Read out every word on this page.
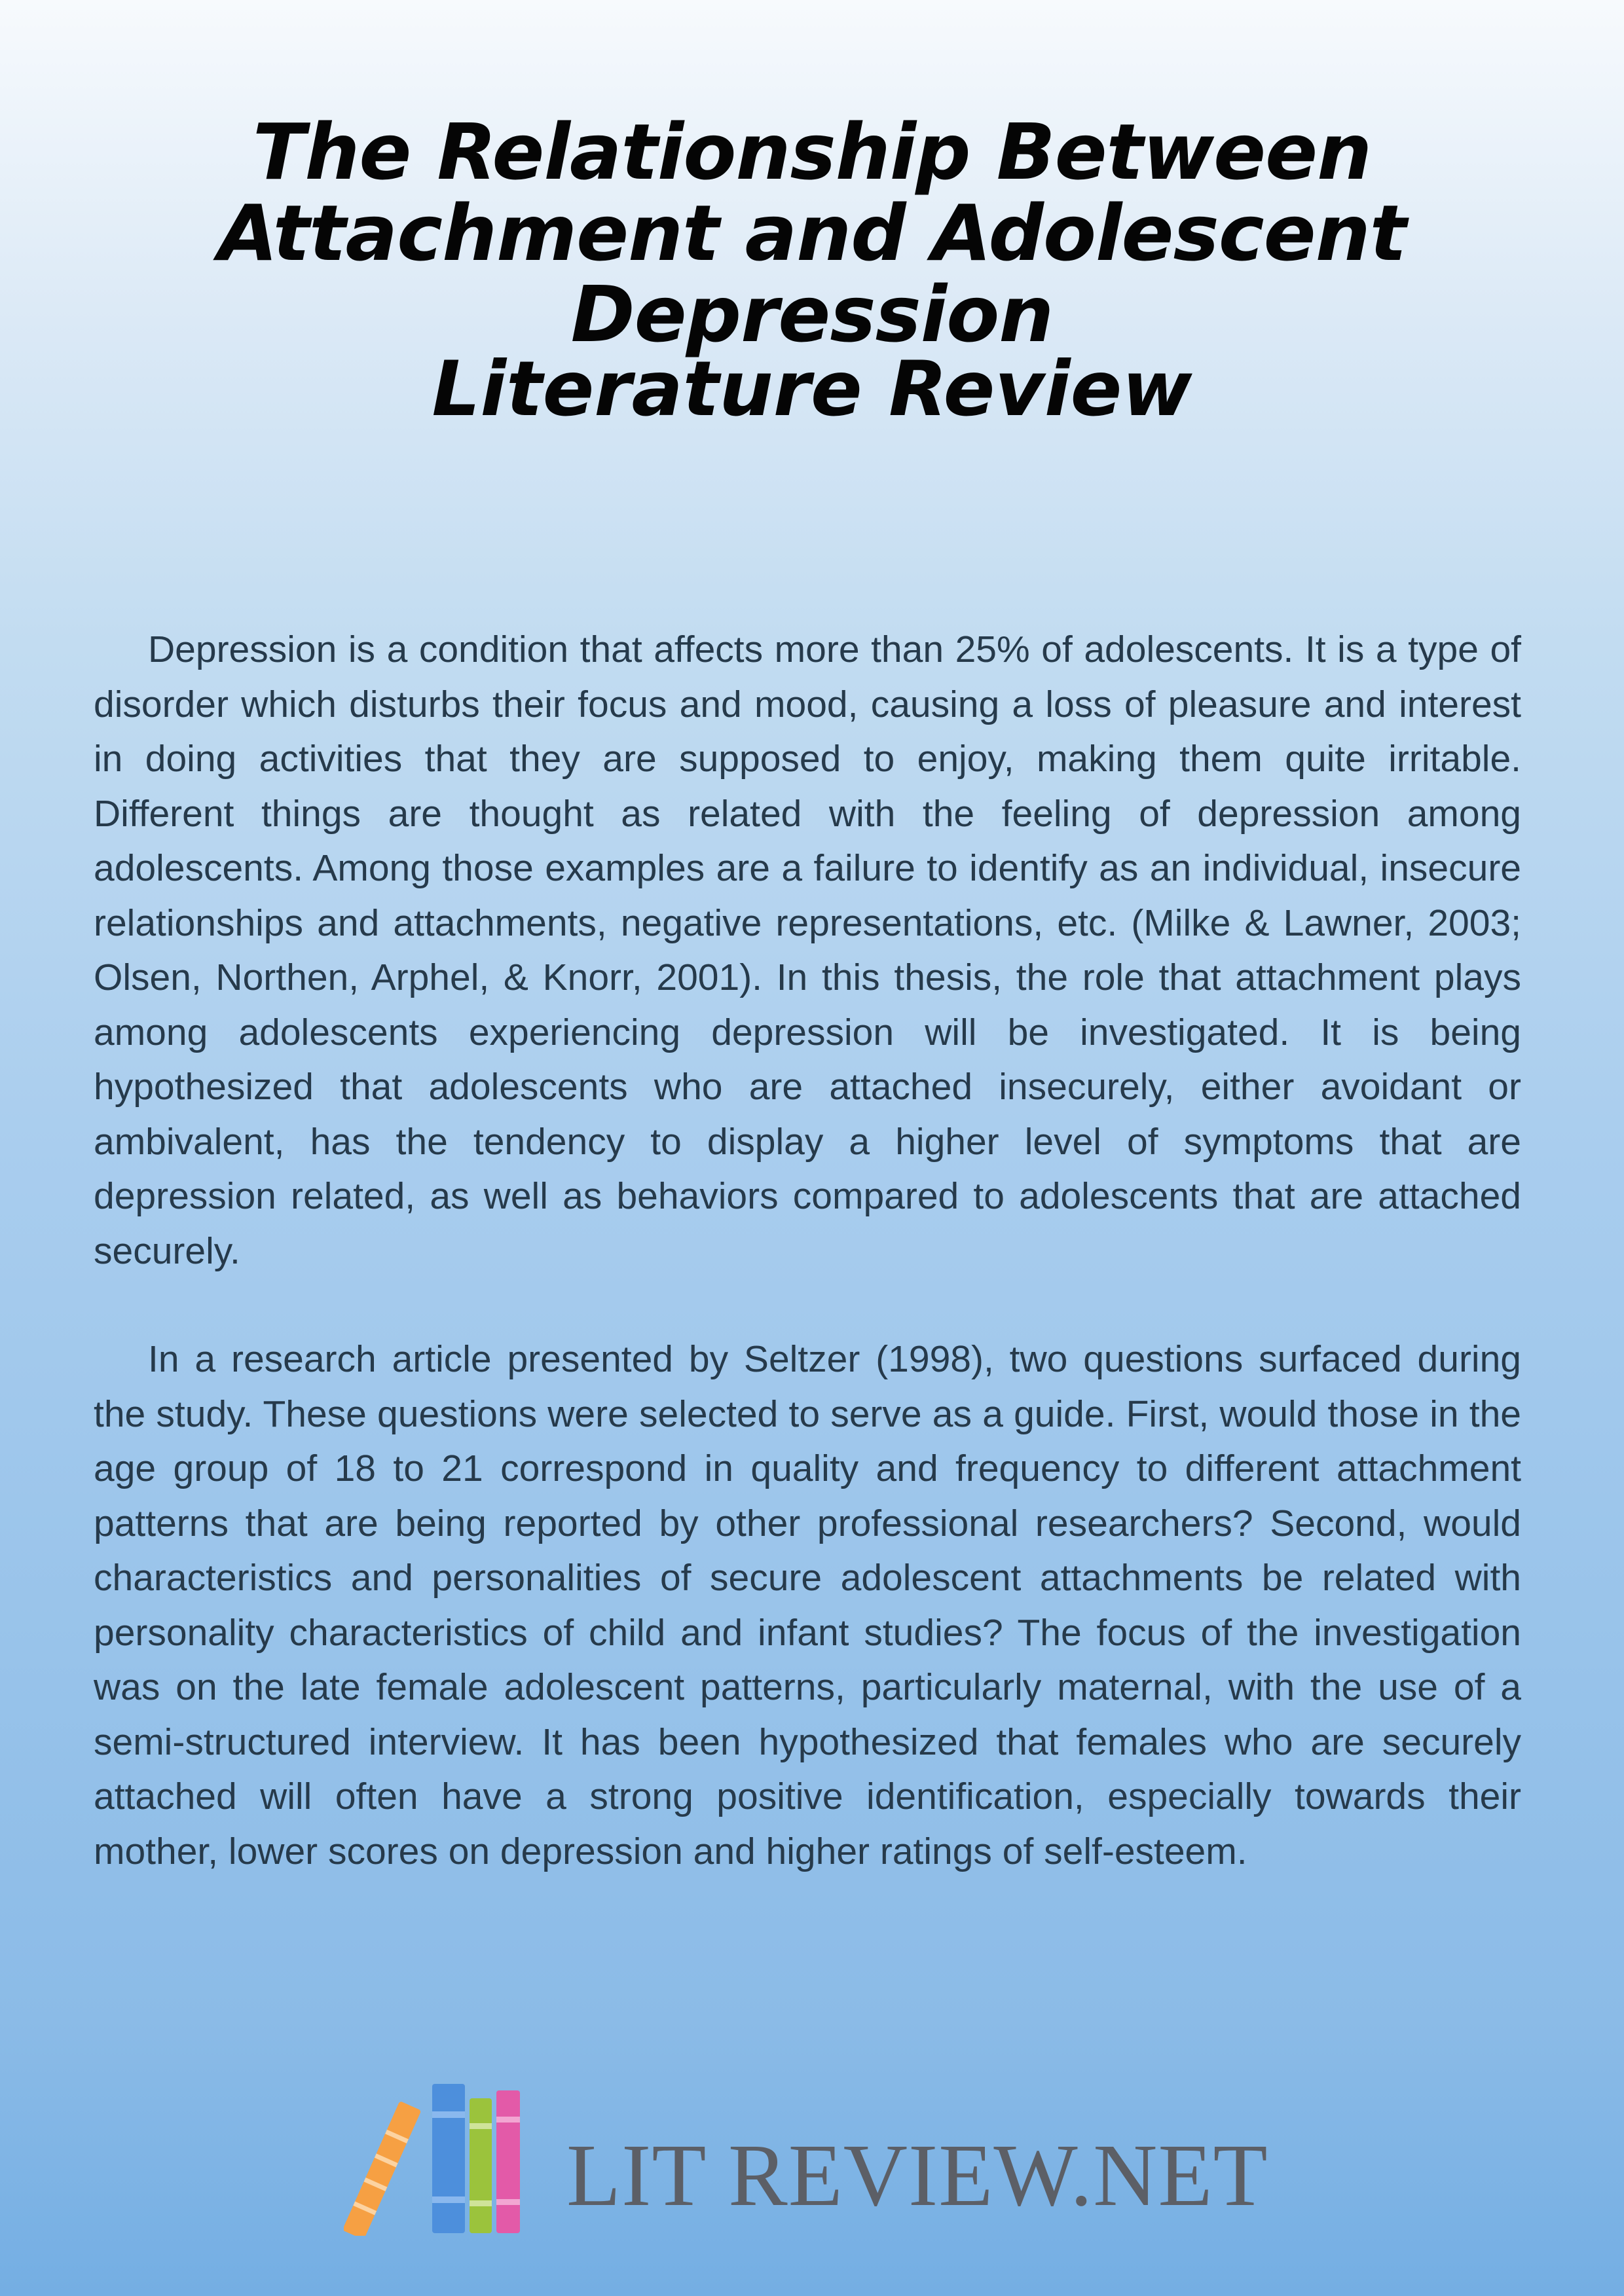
The Relationship Between Attachment and Adolescent Depression
Literature Review

Depression is a condition that affects more than 25% of adolescents. It is a type of disorder which disturbs their focus and mood, causing a loss of pleasure and interest in doing activities that they are supposed to enjoy, making them quite irritable. Different things are thought as related with the feeling of depression among adolescents. Among those examples are a failure to identify as an individual, insecure relationships and attachments, negative representations, etc. (Milke & Lawner, 2003; Olsen, Northen, Arphel, & Knorr, 2001). In this thesis, the role that attachment plays among adolescents experiencing depression will be investigated. It is being hypothesized that adolescents who are attached insecurely, either avoidant or ambivalent, has the tendency to display a higher level of symptoms that are depression related, as well as behaviors compared to adolescents that are attached securely.

In a research article presented by Seltzer (1998), two questions surfaced during the study. These questions were selected to serve as a guide. First, would those in the age group of 18 to 21 correspond in quality and frequency to different attachment patterns that are being reported by other professional researchers? Second, would characteristics and personalities of secure adolescent attachments be related with personality characteristics of child and infant studies? The focus of the investigation was on the late female adolescent patterns, particularly maternal, with the use of a semi-structured interview. It has been hypothesized that females who are securely attached will often have a strong positive identification, especially towards their mother, lower scores on depression and higher ratings of self-esteem.

LIT REVIEW.NET
